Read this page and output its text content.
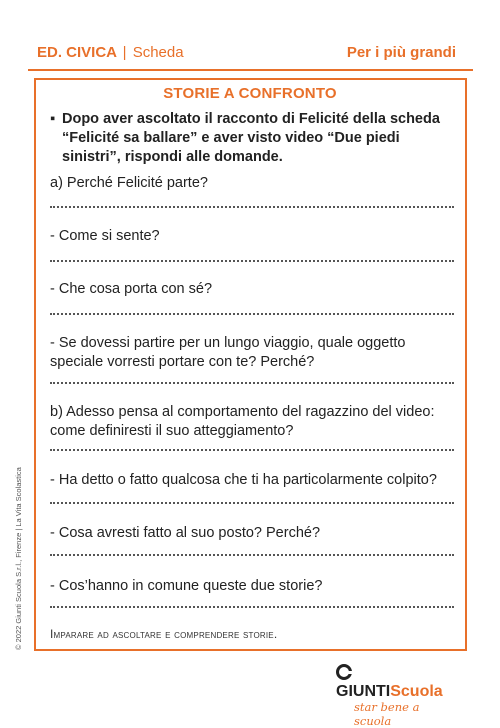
ED. CIVICA | Scheda	Per i più grandi
STORIE A CONFRONTO
▪ Dopo aver ascoltato il racconto di Felicité della scheda “Felicité sa ballare” e aver visto video “Due piedi sinistri”, rispondi alle domande.
a) Perché Felicité parte?
- Come si sente?
- Che cosa porta con sé?
- Se dovessi partire per un lungo viaggio, quale oggetto speciale vorresti portare con te? Perché?
b) Adesso pensa al comportamento del ragazzino del video: come definiresti il suo atteggiamento?
- Ha detto o fatto qualcosa che ti ha particolarmente colpito?
- Cosa avresti fatto al suo posto? Perché?
- Cos’hanno in comune queste due storie?
Imparare ad ascoltare e comprendere storie.
© 2022 Giunti Scuola S.r.l., Firenze | La Vita Scolastica
GIUNTIScuola
star bene a scuola
